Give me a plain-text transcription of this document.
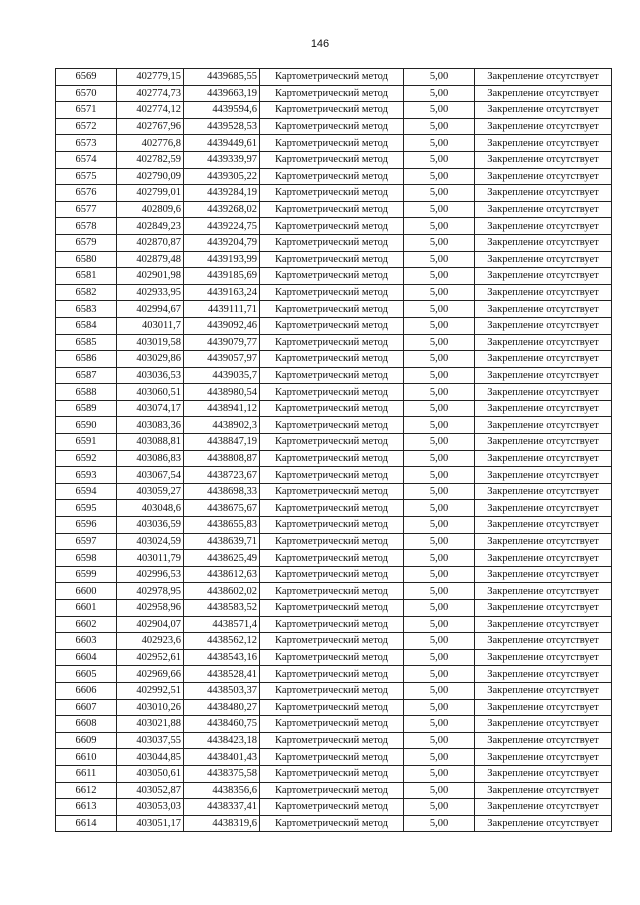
146
6569	402779,15	4439685,55	Картометрический метод	5,00	Закрепление отсутствует
6570	402774,73	4439663,19	Картометрический метод	5,00	Закрепление отсутствует
6571	402774,12	4439594,6	Картометрический метод	5,00	Закрепление отсутствует
6572	402767,96	4439528,53	Картометрический метод	5,00	Закрепление отсутствует
6573	402776,8	4439449,61	Картометрический метод	5,00	Закрепление отсутствует
6574	402782,59	4439339,97	Картометрический метод	5,00	Закрепление отсутствует
6575	402790,09	4439305,22	Картометрический метод	5,00	Закрепление отсутствует
6576	402799,01	4439284,19	Картометрический метод	5,00	Закрепление отсутствует
6577	402809,6	4439268,02	Картометрический метод	5,00	Закрепление отсутствует
6578	402849,23	4439224,75	Картометрический метод	5,00	Закрепление отсутствует
6579	402870,87	4439204,79	Картометрический метод	5,00	Закрепление отсутствует
6580	402879,48	4439193,99	Картометрический метод	5,00	Закрепление отсутствует
6581	402901,98	4439185,69	Картометрический метод	5,00	Закрепление отсутствует
6582	402933,95	4439163,24	Картометрический метод	5,00	Закрепление отсутствует
6583	402994,67	4439111,71	Картометрический метод	5,00	Закрепление отсутствует
6584	403011,7	4439092,46	Картометрический метод	5,00	Закрепление отсутствует
6585	403019,58	4439079,77	Картометрический метод	5,00	Закрепление отсутствует
6586	403029,86	4439057,97	Картометрический метод	5,00	Закрепление отсутствует
6587	403036,53	4439035,7	Картометрический метод	5,00	Закрепление отсутствует
6588	403060,51	4438980,54	Картометрический метод	5,00	Закрепление отсутствует
6589	403074,17	4438941,12	Картометрический метод	5,00	Закрепление отсутствует
6590	403083,36	4438902,3	Картометрический метод	5,00	Закрепление отсутствует
6591	403088,81	4438847,19	Картометрический метод	5,00	Закрепление отсутствует
6592	403086,83	4438808,87	Картометрический метод	5,00	Закрепление отсутствует
6593	403067,54	4438723,67	Картометрический метод	5,00	Закрепление отсутствует
6594	403059,27	4438698,33	Картометрический метод	5,00	Закрепление отсутствует
6595	403048,6	4438675,67	Картометрический метод	5,00	Закрепление отсутствует
6596	403036,59	4438655,83	Картометрический метод	5,00	Закрепление отсутствует
6597	403024,59	4438639,71	Картометрический метод	5,00	Закрепление отсутствует
6598	403011,79	4438625,49	Картометрический метод	5,00	Закрепление отсутствует
6599	402996,53	4438612,63	Картометрический метод	5,00	Закрепление отсутствует
6600	402978,95	4438602,02	Картометрический метод	5,00	Закрепление отсутствует
6601	402958,96	4438583,52	Картометрический метод	5,00	Закрепление отсутствует
6602	402904,07	4438571,4	Картометрический метод	5,00	Закрепление отсутствует
6603	402923,6	4438562,12	Картометрический метод	5,00	Закрепление отсутствует
6604	402952,61	4438543,16	Картометрический метод	5,00	Закрепление отсутствует
6605	402969,66	4438528,41	Картометрический метод	5,00	Закрепление отсутствует
6606	402992,51	4438503,37	Картометрический метод	5,00	Закрепление отсутствует
6607	403010,26	4438480,27	Картометрический метод	5,00	Закрепление отсутствует
6608	403021,88	4438460,75	Картометрический метод	5,00	Закрепление отсутствует
6609	403037,55	4438423,18	Картометрический метод	5,00	Закрепление отсутствует
6610	403044,85	4438401,43	Картометрический метод	5,00	Закрепление отсутствует
6611	403050,61	4438375,58	Картометрический метод	5,00	Закрепление отсутствует
6612	403052,87	4438356,6	Картометрический метод	5,00	Закрепление отсутствует
6613	403053,03	4438337,41	Картометрический метод	5,00	Закрепление отсутствует
6614	403051,17	4438319,6	Картометрический метод	5,00	Закрепление отсутствует
